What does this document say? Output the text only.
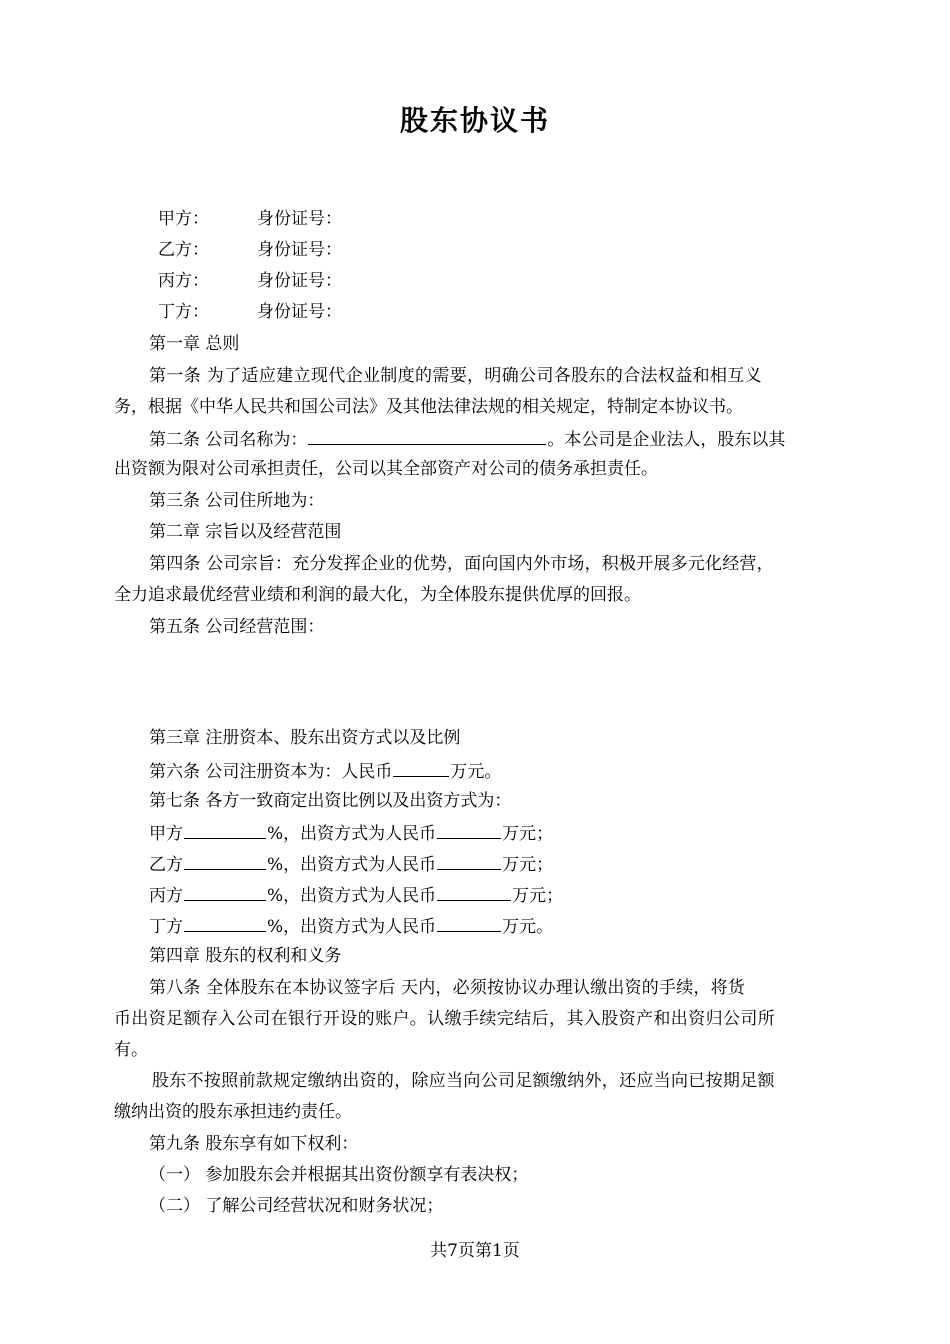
股东协议书
甲方：	身份证号：
乙方：	身份证号：
丙方：	身份证号：
丁方：	身份证号：
第一章 总则
第一条 为了适应建立现代企业制度的需要，明确公司各股东的合法权益和相互义
务，根据《中华人民共和国公司法》及其他法律法规的相关规定，特制定本协议书。
第二条 公司名称为：	。本公司是企业法人，股东以其
出资额为限对公司承担责任，公司以其全部资产对公司的债务承担责任。
第三条 公司住所地为：
第二章 宗旨以及经营范围
第四条 公司宗旨：充分发挥企业的优势，面向国内外市场，积极开展多元化经营，
全力追求最优经营业绩和利润的最大化，为全体股东提供优厚的回报。
第五条 公司经营范围：
第三章 注册资本、股东出资方式以及比例
第六条 公司注册资本为：人民币	万元。
第七条 各方一致商定出资比例以及出资方式为：
甲方	%，出资方式为人民币	万元；
乙方	%，出资方式为人民币	万元；
丙方	%，出资方式为人民币	万元；
丁方	%，出资方式为人民币	万元。
第四章 股东的权利和义务
第八条 全体股东在本协议签字后 天内，必须按协议办理认缴出资的手续，将货
币出资足额存入公司在银行开设的账户。认缴手续完结后，其入股资产和出资归公司所
有。
股东不按照前款规定缴纳出资的，除应当向公司足额缴纳外，还应当向已按期足额
缴纳出资的股东承担违约责任。
第九条 股东享有如下权利：
（一） 参加股东会并根据其出资份额享有表决权；
（二） 了解公司经营状况和财务状况；
共7页第1页
